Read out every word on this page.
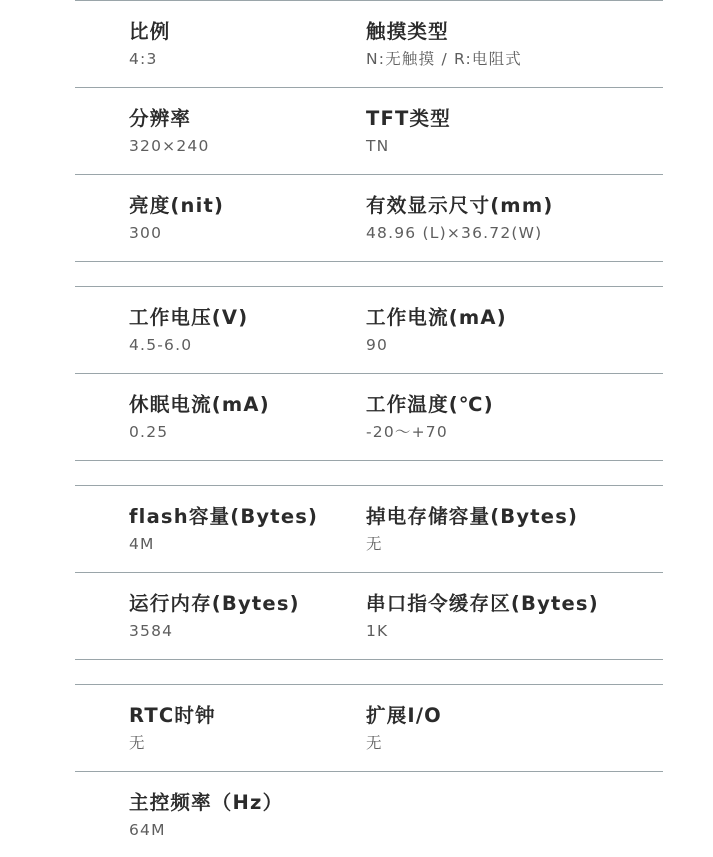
比例
4:3
触摸类型
N:无触摸 / R:电阻式
分辨率
320×240
TFT类型
TN
亮度(nit)
300
有效显示尺寸(mm)
48.96 (L)×36.72(W)
工作电压(V)
4.5-6.0
工作电流(mA)
90
休眠电流(mA)
0.25
工作温度(℃)
-20～+70
flash容量(Bytes)
4M
掉电存储容量(Bytes)
无
运行内存(Bytes)
3584
串口指令缓存区(Bytes)
1K
RTC时钟
无
扩展I/O
无
主控频率（Hz）
64M
